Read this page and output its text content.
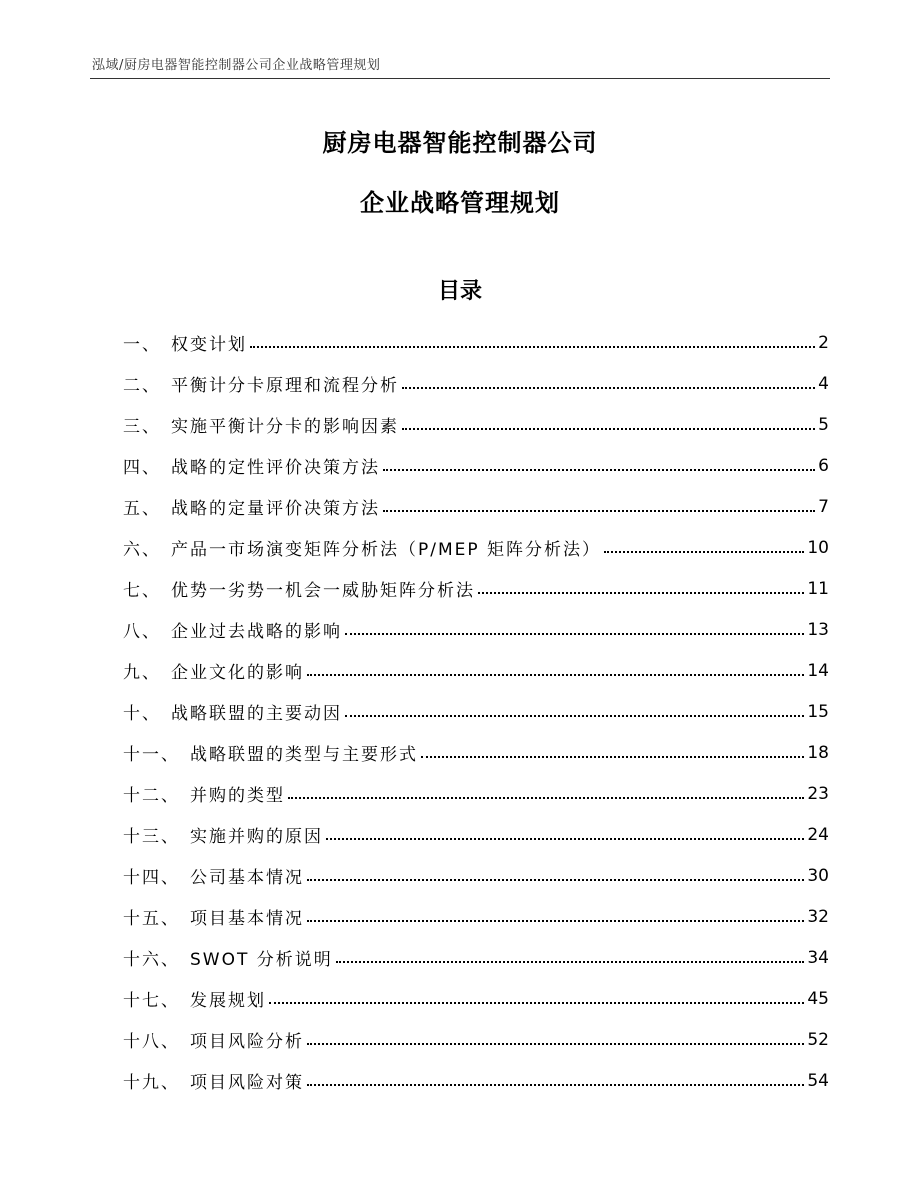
泓域/厨房电器智能控制器公司企业战略管理规划
厨房电器智能控制器公司
企业战略管理规划
目录
一 、 权变计划	2
二 、 平衡计分卡原理和流程分析	4
三 、 实施平衡计分卡的影响因素	5
四 、 战略的定性评价决策方法	6
五 、 战略的定量评价决策方法	7
六 、 产品一市场演变矩阵分析法（P/MEP 矩阵分析法）	10
七 、 优势一劣势一机会一威胁矩阵分析法	11
八 、 企业过去战略的影响	13
九 、 企业文化的影响	14
十 、 战略联盟的主要动因	15
十一 、 战略联盟的类型与主要形式	18
十二 、 并购的类型	23
十三 、 实施并购的原因	24
十四 、 公司基本情况	30
十五 、 项目基本情况	32
十六 、 SWOT 分析说明	34
十七 、 发展规划	45
十八 、 项目风险分析	52
十九 、 项目风险对策	54
